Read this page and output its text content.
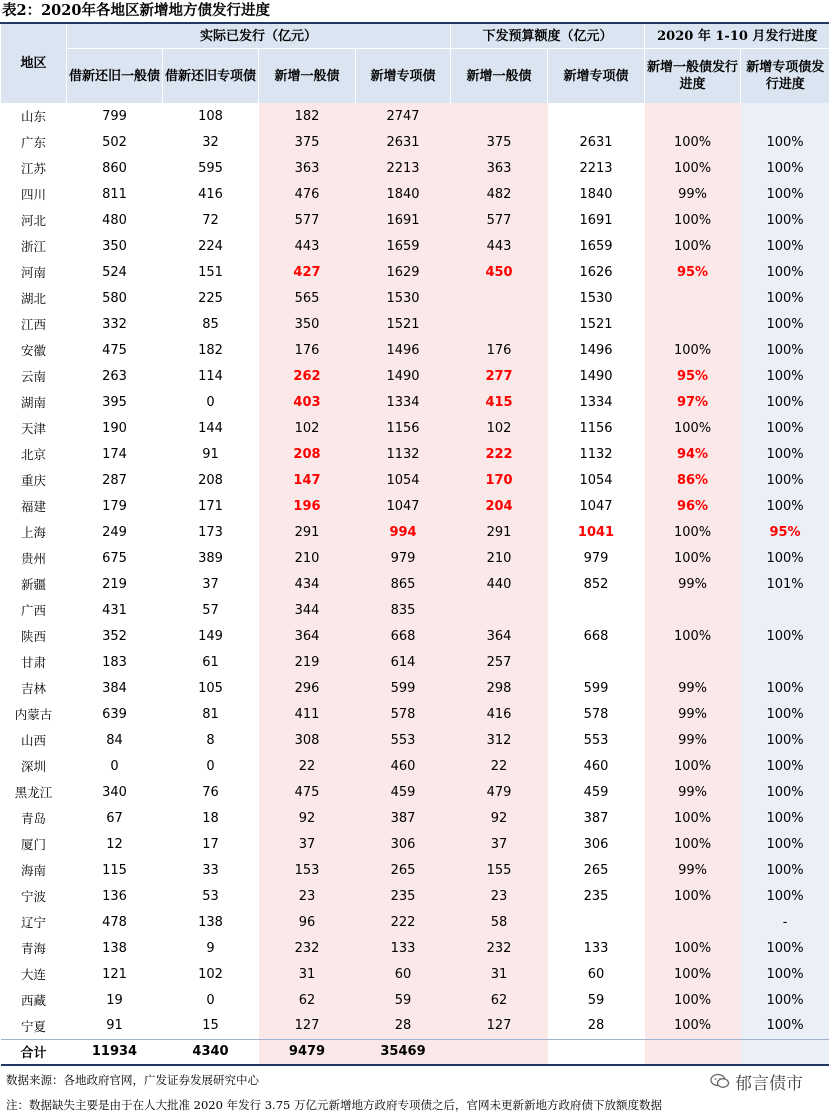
表2：2020年各地区新增地方债发行进度
地区	实际已发行（亿元）				下发预算额度（亿元）		2020 年 1-10 月发行进度	
	借新还旧一般债	借新还旧专项债	新增一般债	新增专项债	新增一般债	新增专项债	新增一般债发行进度	新增专项债发行进度
山东	799	108	182	2747				
广东	502	32	375	2631	375	2631	100%	100%
江苏	860	595	363	2213	363	2213	100%	100%
四川	811	416	476	1840	482	1840	99%	100%
河北	480	72	577	1691	577	1691	100%	100%
浙江	350	224	443	1659	443	1659	100%	100%
河南	524	151	427	1629	450	1626	95%	100%
湖北	580	225	565	1530		1530		100%
江西	332	85	350	1521		1521		100%
安徽	475	182	176	1496	176	1496	100%	100%
云南	263	114	262	1490	277	1490	95%	100%
湖南	395	0	403	1334	415	1334	97%	100%
天津	190	144	102	1156	102	1156	100%	100%
北京	174	91	208	1132	222	1132	94%	100%
重庆	287	208	147	1054	170	1054	86%	100%
福建	179	171	196	1047	204	1047	96%	100%
上海	249	173	291	994	291	1041	100%	95%
贵州	675	389	210	979	210	979	100%	100%
新疆	219	37	434	865	440	852	99%	101%
广西	431	57	344	835				
陕西	352	149	364	668	364	668	100%	100%
甘肃	183	61	219	614	257			
吉林	384	105	296	599	298	599	99%	100%
内蒙古	639	81	411	578	416	578	99%	100%
山西	84	8	308	553	312	553	99%	100%
深圳	0	0	22	460	22	460	100%	100%
黑龙江	340	76	475	459	479	459	99%	100%
青岛	67	18	92	387	92	387	100%	100%
厦门	12	17	37	306	37	306	100%	100%
海南	115	33	153	265	155	265	99%	100%
宁波	136	53	23	235	23	235	100%	100%
辽宁	478	138	96	222	58			-
青海	138	9	232	133	232	133	100%	100%
大连	121	102	31	60	31	60	100%	100%
西藏	19	0	62	59	62	59	100%	100%
宁夏	91	15	127	28	127	28	100%	100%
合计	11934	4340	9479	35469				
数据来源：各地政府官网，广发证券发展研究中心
注：数据缺失主要是由于在人大批准 2020 年发行 3.75 万亿元新增地方政府专项债之后，官网未更新新地方政府债下放额度数据
郁言债市
